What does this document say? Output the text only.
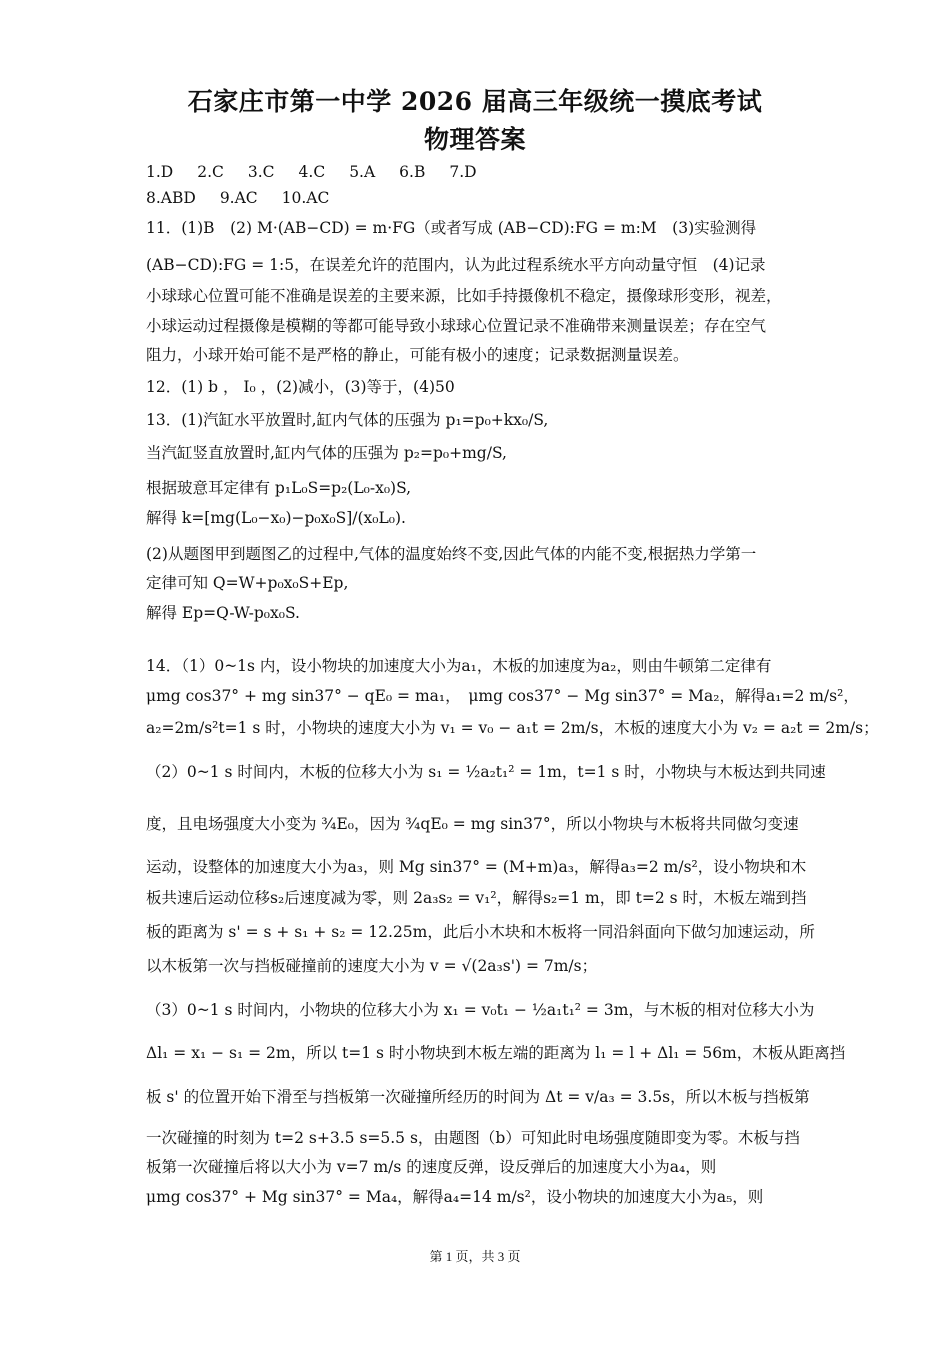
石家庄市第一中学 2026 届高三年级统一摸底考试
物理答案
1.D 2.C 3.C 4.C 5.A 6.B 7.D
8.ABD 9.AC 10.AC
11．(1)B　(2) M·(AB−CD) = m·FG（或者写成 (AB−CD):FG = m:M　(3)实验测得
(AB−CD):FG = 1:5，在误差允许的范围内，认为此过程系统水平方向动量守恒　(4)记录
小球球心位置可能不准确是误差的主要来源，比如手持摄像机不稳定，摄像球形变形，视差，
小球运动过程摄像是模糊的等都可能导致小球球心位置记录不准确带来测量误差；存在空气
阻力，小球开始可能不是严格的静止，可能有极小的速度；记录数据测量误差。
12．(1) b ， I₀ ，(2)减小，(3)等于，(4)50
13．(1)汽缸水平放置时,缸内气体的压强为 p₁=p₀+kx₀/S,
当汽缸竖直放置时,缸内气体的压强为 p₂=p₀+mg/S,
根据玻意耳定律有 p₁L₀S=p₂(L₀-x₀)S,
解得 k=[mg(L₀−x₀)−p₀x₀S]/(x₀L₀).
(2)从题图甲到题图乙的过程中,气体的温度始终不变,因此气体的内能不变,根据热力学第一
定律可知 Q=W+p₀x₀S+Ep,
解得 Ep=Q-W-p₀x₀S.
14．（1）0~1s 内，设小物块的加速度大小为a₁，木板的加速度为a₂，则由牛顿第二定律有
μmg cos37° + mg sin37° − qE₀ = ma₁，　μmg cos37° − Mg sin37° = Ma₂，解得a₁=2 m/s²，
a₂=2m/s²t=1 s 时，小物块的速度大小为 v₁ = v₀ − a₁t = 2m/s，木板的速度大小为 v₂ = a₂t = 2m/s；
（2）0~1 s 时间内，木板的位移大小为 s₁ = ½a₂t₁² = 1m，t=1 s 时，小物块与木板达到共同速
度，且电场强度大小变为 ¾E₀，因为 ¾qE₀ = mg sin37°，所以小物块与木板将共同做匀变速
运动，设整体的加速度大小为a₃，则 Mg sin37° = (M+m)a₃，解得a₃=2 m/s²，设小物块和木
板共速后运动位移s₂后速度减为零，则 2a₃s₂ = v₁²，解得s₂=1 m，即 t=2 s 时，木板左端到挡
板的距离为 s' = s + s₁ + s₂ = 12.25m，此后小木块和木板将一同沿斜面向下做匀加速运动，所
以木板第一次与挡板碰撞前的速度大小为 v = √(2a₃s') = 7m/s；
（3）0~1 s 时间内，小物块的位移大小为 x₁ = v₀t₁ − ½a₁t₁² = 3m，与木板的相对位移大小为
Δl₁ = x₁ − s₁ = 2m，所以 t=1 s 时小物块到木板左端的距离为 l₁ = l + Δl₁ = 56m，木板从距离挡
板 s' 的位置开始下滑至与挡板第一次碰撞所经历的时间为 Δt = v/a₃ = 3.5s，所以木板与挡板第
一次碰撞的时刻为 t=2 s+3.5 s=5.5 s，由题图（b）可知此时电场强度随即变为零。木板与挡
板第一次碰撞后将以大小为 v=7 m/s 的速度反弹，设反弹后的加速度大小为a₄，则
μmg cos37° + Mg sin37° = Ma₄，解得a₄=14 m/s²，设小物块的加速度大小为a₅，则
第 1 页，共 3 页
